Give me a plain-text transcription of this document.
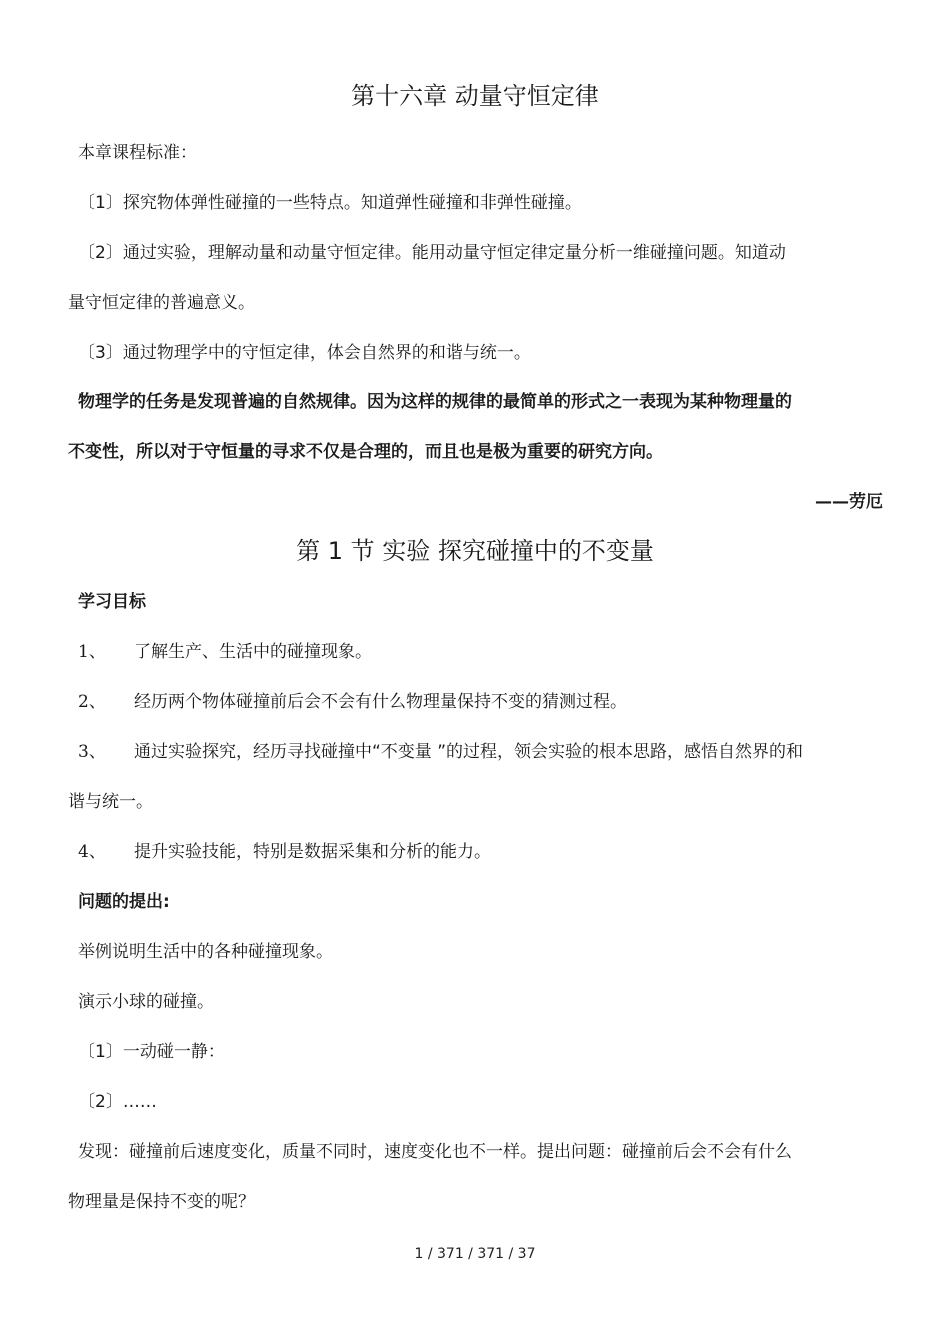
第十六章 动量守恒定律
本章课程标准：
〔1〕探究物体弹性碰撞的一些特点。知道弹性碰撞和非弹性碰撞。
〔2〕通过实验，理解动量和动量守恒定律。能用动量守恒定律定量分析一维碰撞问题。知道动
量守恒定律的普遍意义。
〔3〕通过物理学中的守恒定律，体会自然界的和谐与统一。
物理学的任务是发现普遍的自然规律。因为这样的规律的最简单的形式之一表现为某种物理量的
不变性，所以对于守恒量的寻求不仅是合理的，而且也是极为重要的研究方向。
——劳厄
第 1 节 实验 探究碰撞中的不变量
学习目标
1、 了解生产、生活中的碰撞现象。
2、 经历两个物体碰撞前后会不会有什么物理量保持不变的猜测过程。
3、 通过实验探究，经历寻找碰撞中“不变量 ”的过程，领会实验的根本思路，感悟自然界的和
谐与统一。
4、 提升实验技能，特别是数据采集和分析的能力。
问题的提出:
举例说明生活中的各种碰撞现象。
演示小球的碰撞。
〔1〕一动碰一静：
〔2〕……
发现：碰撞前后速度变化，质量不同时，速度变化也不一样。提出问题：碰撞前后会不会有什么
物理量是保持不变的呢？
1 / 371 / 371 / 37
